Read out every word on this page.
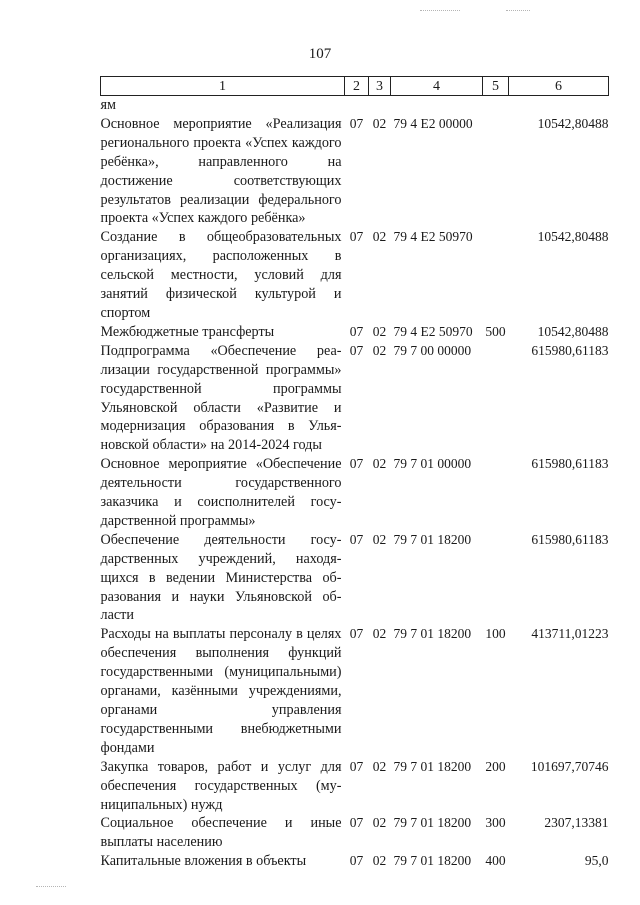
107
1	2	3	4	5	6
ям					
Основное мероприятие «Реализация регионального проекта «Успех каждого ребёнка», направленного на достижение соответствующих результатов реализации федерального проекта «Успех каждого ребёнка»	07	02	79 4 E2 00000		10542,80488
Создание в общеобразовательных организациях, расположенных в сельской местности, условий для занятий физической культурой и спортом	07	02	79 4 E2 50970		10542,80488
Межбюджетные трансферты	07	02	79 4 E2 50970	500	10542,80488
Подпрограмма «Обеспечение реализации государственной программы» государственной программы Ульяновской области «Развитие и модернизация образования в Ульяновской области» на 2014-2024 годы	07	02	79 7 00 00000		615980,61183
Основное мероприятие «Обеспечение деятельности государственного заказчика и соисполнителей государственной программы»	07	02	79 7 01 00000		615980,61183
Обеспечение деятельности государственных учреждений, находящихся в ведении Министерства образования и науки Ульяновской области	07	02	79 7 01 18200		615980,61183
Расходы на выплаты персоналу в целях обеспечения выполнения функций государственными (муниципальными) органами, казёнными учреждениями, органами управления государственными внебюджетными фондами	07	02	79 7 01 18200	100	413711,01223
Закупка товаров, работ и услуг для обеспечения государственных (муниципальных) нужд	07	02	79 7 01 18200	200	101697,70746
Социальное обеспечение и иные выплаты населению	07	02	79 7 01 18200	300	2307,13381
Капитальные вложения в объекты	07	02	79 7 01 18200	400	95,0
